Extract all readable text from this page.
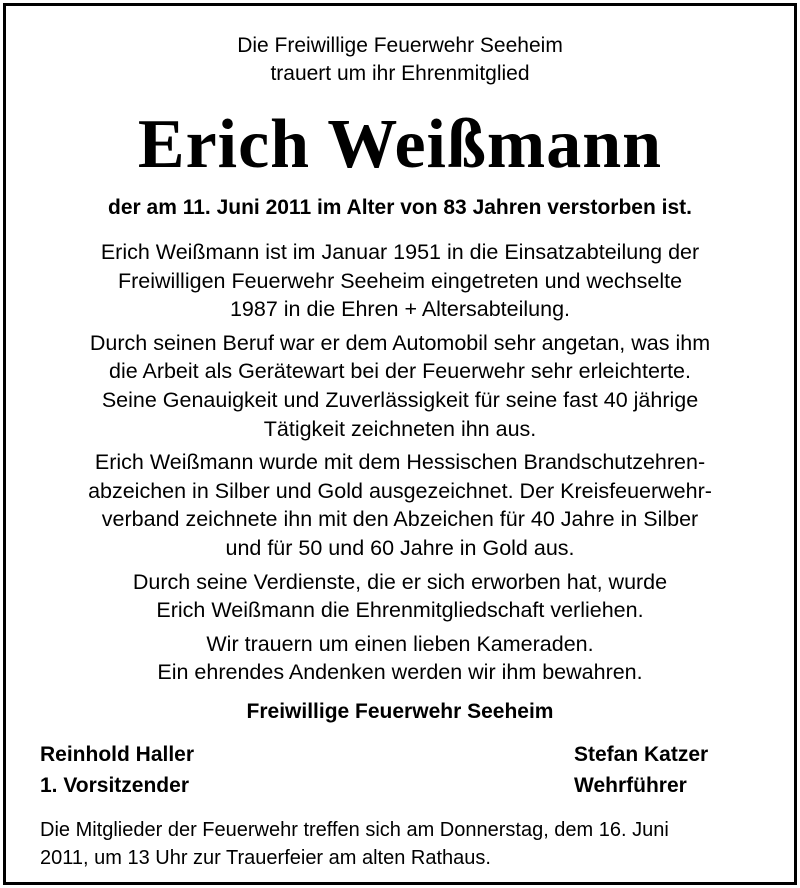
Die Freiwillige Feuerwehr Seeheim
trauert um ihr Ehrenmitglied
Erich Weißmann
der am 11. Juni 2011 im Alter von 83 Jahren verstorben ist.
Erich Weißmann ist im Januar 1951 in die Einsatzabteilung der
Freiwilligen Feuerwehr Seeheim eingetreten und wechselte
1987 in die Ehren + Altersabteilung.
Durch seinen Beruf war er dem Automobil sehr angetan, was ihm
die Arbeit als Gerätewart bei der Feuerwehr sehr erleichterte.
Seine Genauigkeit und Zuverlässigkeit für seine fast 40 jährige
Tätigkeit zeichneten ihn aus.
Erich Weißmann wurde mit dem Hessischen Brandschutzehren-
abzeichen in Silber und Gold ausgezeichnet. Der Kreisfeuerwehr-
verband zeichnete ihn mit den Abzeichen für 40 Jahre in Silber
und für 50 und 60 Jahre in Gold aus.
Durch seine Verdienste, die er sich erworben hat, wurde
Erich Weißmann die Ehrenmitgliedschaft verliehen.
Wir trauern um einen lieben Kameraden.
Ein ehrendes Andenken werden wir ihm bewahren.
Freiwillige Feuerwehr Seeheim
Reinhold Haller
1. Vorsitzender
Stefan Katzer
Wehrführer
Die Mitglieder der Feuerwehr treffen sich am Donnerstag, dem 16. Juni
2011, um 13 Uhr zur Trauerfeier am alten Rathaus.
